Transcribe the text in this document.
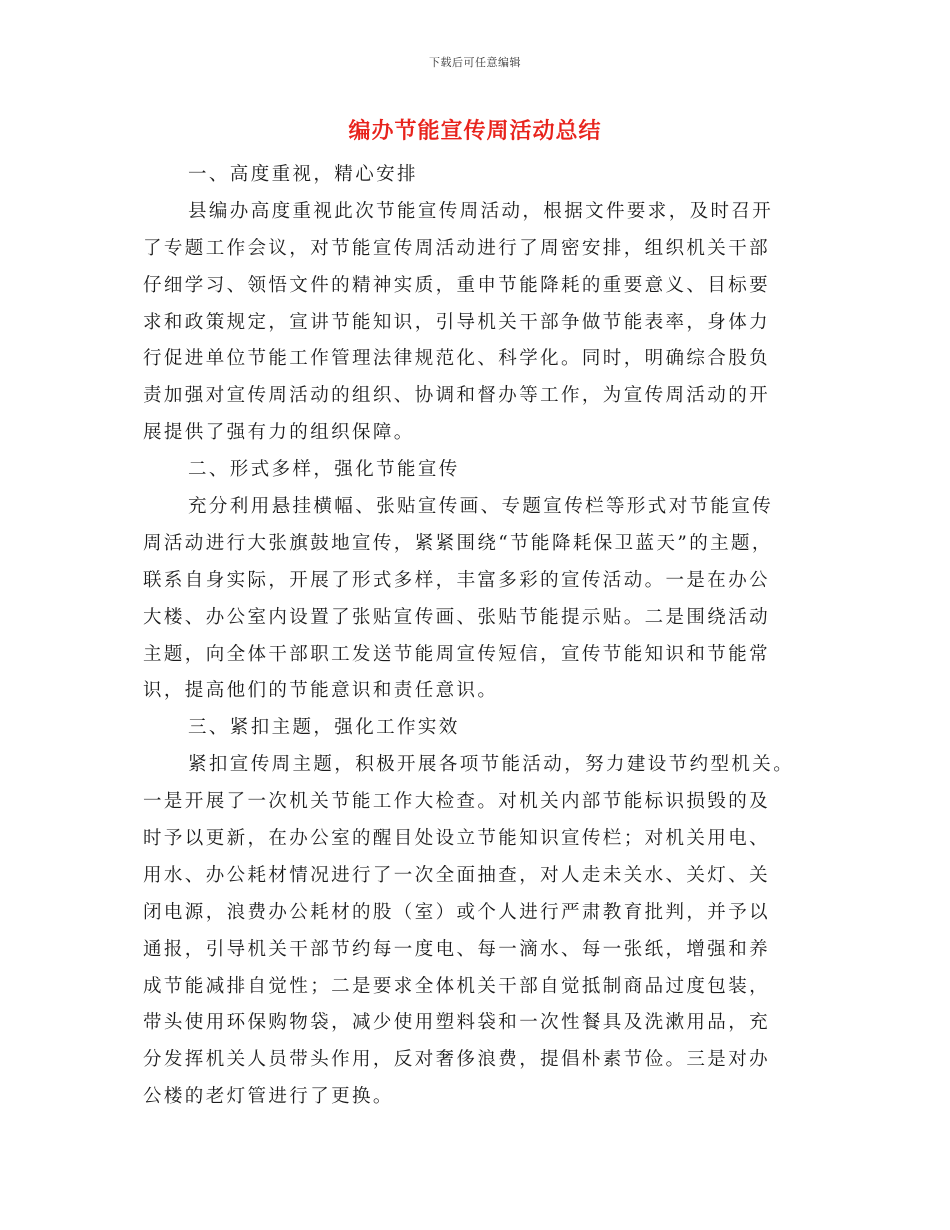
下载后可任意编辑
编办节能宣传周活动总结
一、高度重视，精心安排
县编办高度重视此次节能宣传周活动，根据文件要求，及时召开
了专题工作会议，对节能宣传周活动进行了周密安排，组织机关干部
仔细学习、领悟文件的精神实质，重申节能降耗的重要意义、目标要
求和政策规定，宣讲节能知识，引导机关干部争做节能表率，身体力
行促进单位节能工作管理法律规范化、科学化。同时，明确综合股负
责加强对宣传周活动的组织、协调和督办等工作，为宣传周活动的开
展提供了强有力的组织保障。
二、形式多样，强化节能宣传
充分利用悬挂横幅、张贴宣传画、专题宣传栏等形式对节能宣传
周活动进行大张旗鼓地宣传，紧紧围绕“节能降耗保卫蓝天”的主题，
联系自身实际，开展了形式多样，丰富多彩的宣传活动。一是在办公
大楼、办公室内设置了张贴宣传画、张贴节能提示贴。二是围绕活动
主题，向全体干部职工发送节能周宣传短信，宣传节能知识和节能常
识，提高他们的节能意识和责任意识。
三、紧扣主题，强化工作实效
紧扣宣传周主题，积极开展各项节能活动，努力建设节约型机关。
一是开展了一次机关节能工作大检查。对机关内部节能标识损毁的及
时予以更新，在办公室的醒目处设立节能知识宣传栏；对机关用电、
用水、办公耗材情况进行了一次全面抽查，对人走未关水、关灯、关
闭电源，浪费办公耗材的股（室）或个人进行严肃教育批判，并予以
通报，引导机关干部节约每一度电、每一滴水、每一张纸，增强和养
成节能减排自觉性；二是要求全体机关干部自觉抵制商品过度包装，
带头使用环保购物袋，减少使用塑料袋和一次性餐具及洗漱用品，充
分发挥机关人员带头作用，反对奢侈浪费，提倡朴素节俭。三是对办
公楼的老灯管进行了更换。
